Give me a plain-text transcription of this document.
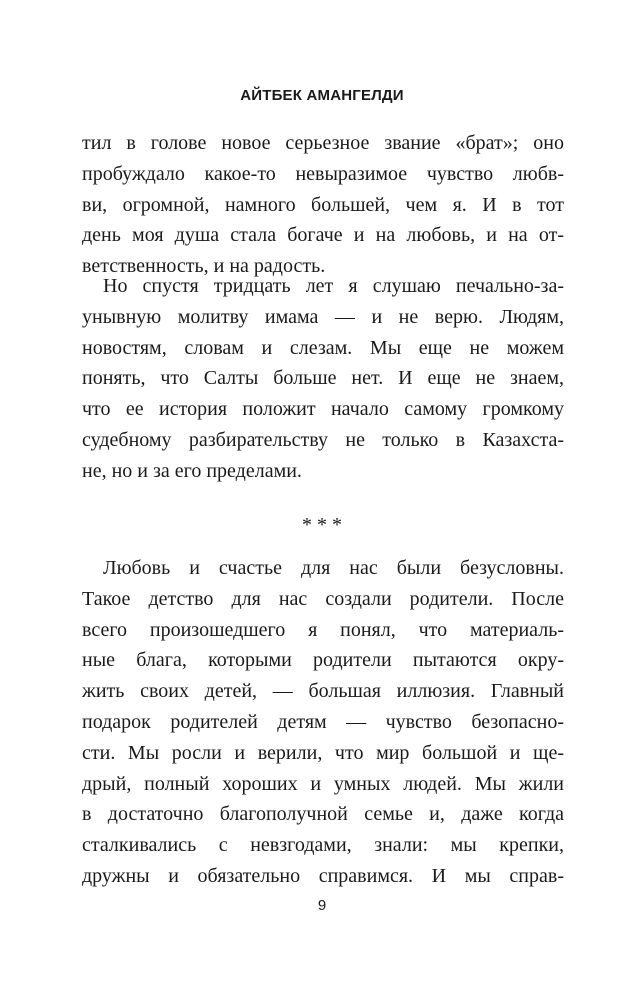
АЙТБЕК АМАНГЕЛДИ
тил в голове новое серьезное звание «брат»; оно
пробуждало какое-то невыразимое чувство любв-
ви, огромной, намного большей, чем я. И в тот
день моя душа стала богаче и на любовь, и на от-
ветственность, и на радость.
Но спустя тридцать лет я слушаю печально-за-
унывную молитву имама — и не верю. Людям,
новостям, словам и слезам. Мы еще не можем
понять, что Салты больше нет. И еще не знаем,
что ее история положит начало самому громкому
судебному разбирательству не только в Казахста-
не, но и за его пределами.
* * *
Любовь и счастье для нас были безусловны.
Такое детство для нас создали родители. После
всего произошедшего я понял, что материаль-
ные блага, которыми родители пытаются окру-
жить своих детей, — большая иллюзия. Главный
подарок родителей детям — чувство безопасно-
сти. Мы росли и верили, что мир большой и ще-
дрый, полный хороших и умных людей. Мы жили
в достаточно благополучной семье и, даже когда
сталкивались с невзгодами, знали: мы крепки,
дружны и обязательно справимся. И мы справ-
9
